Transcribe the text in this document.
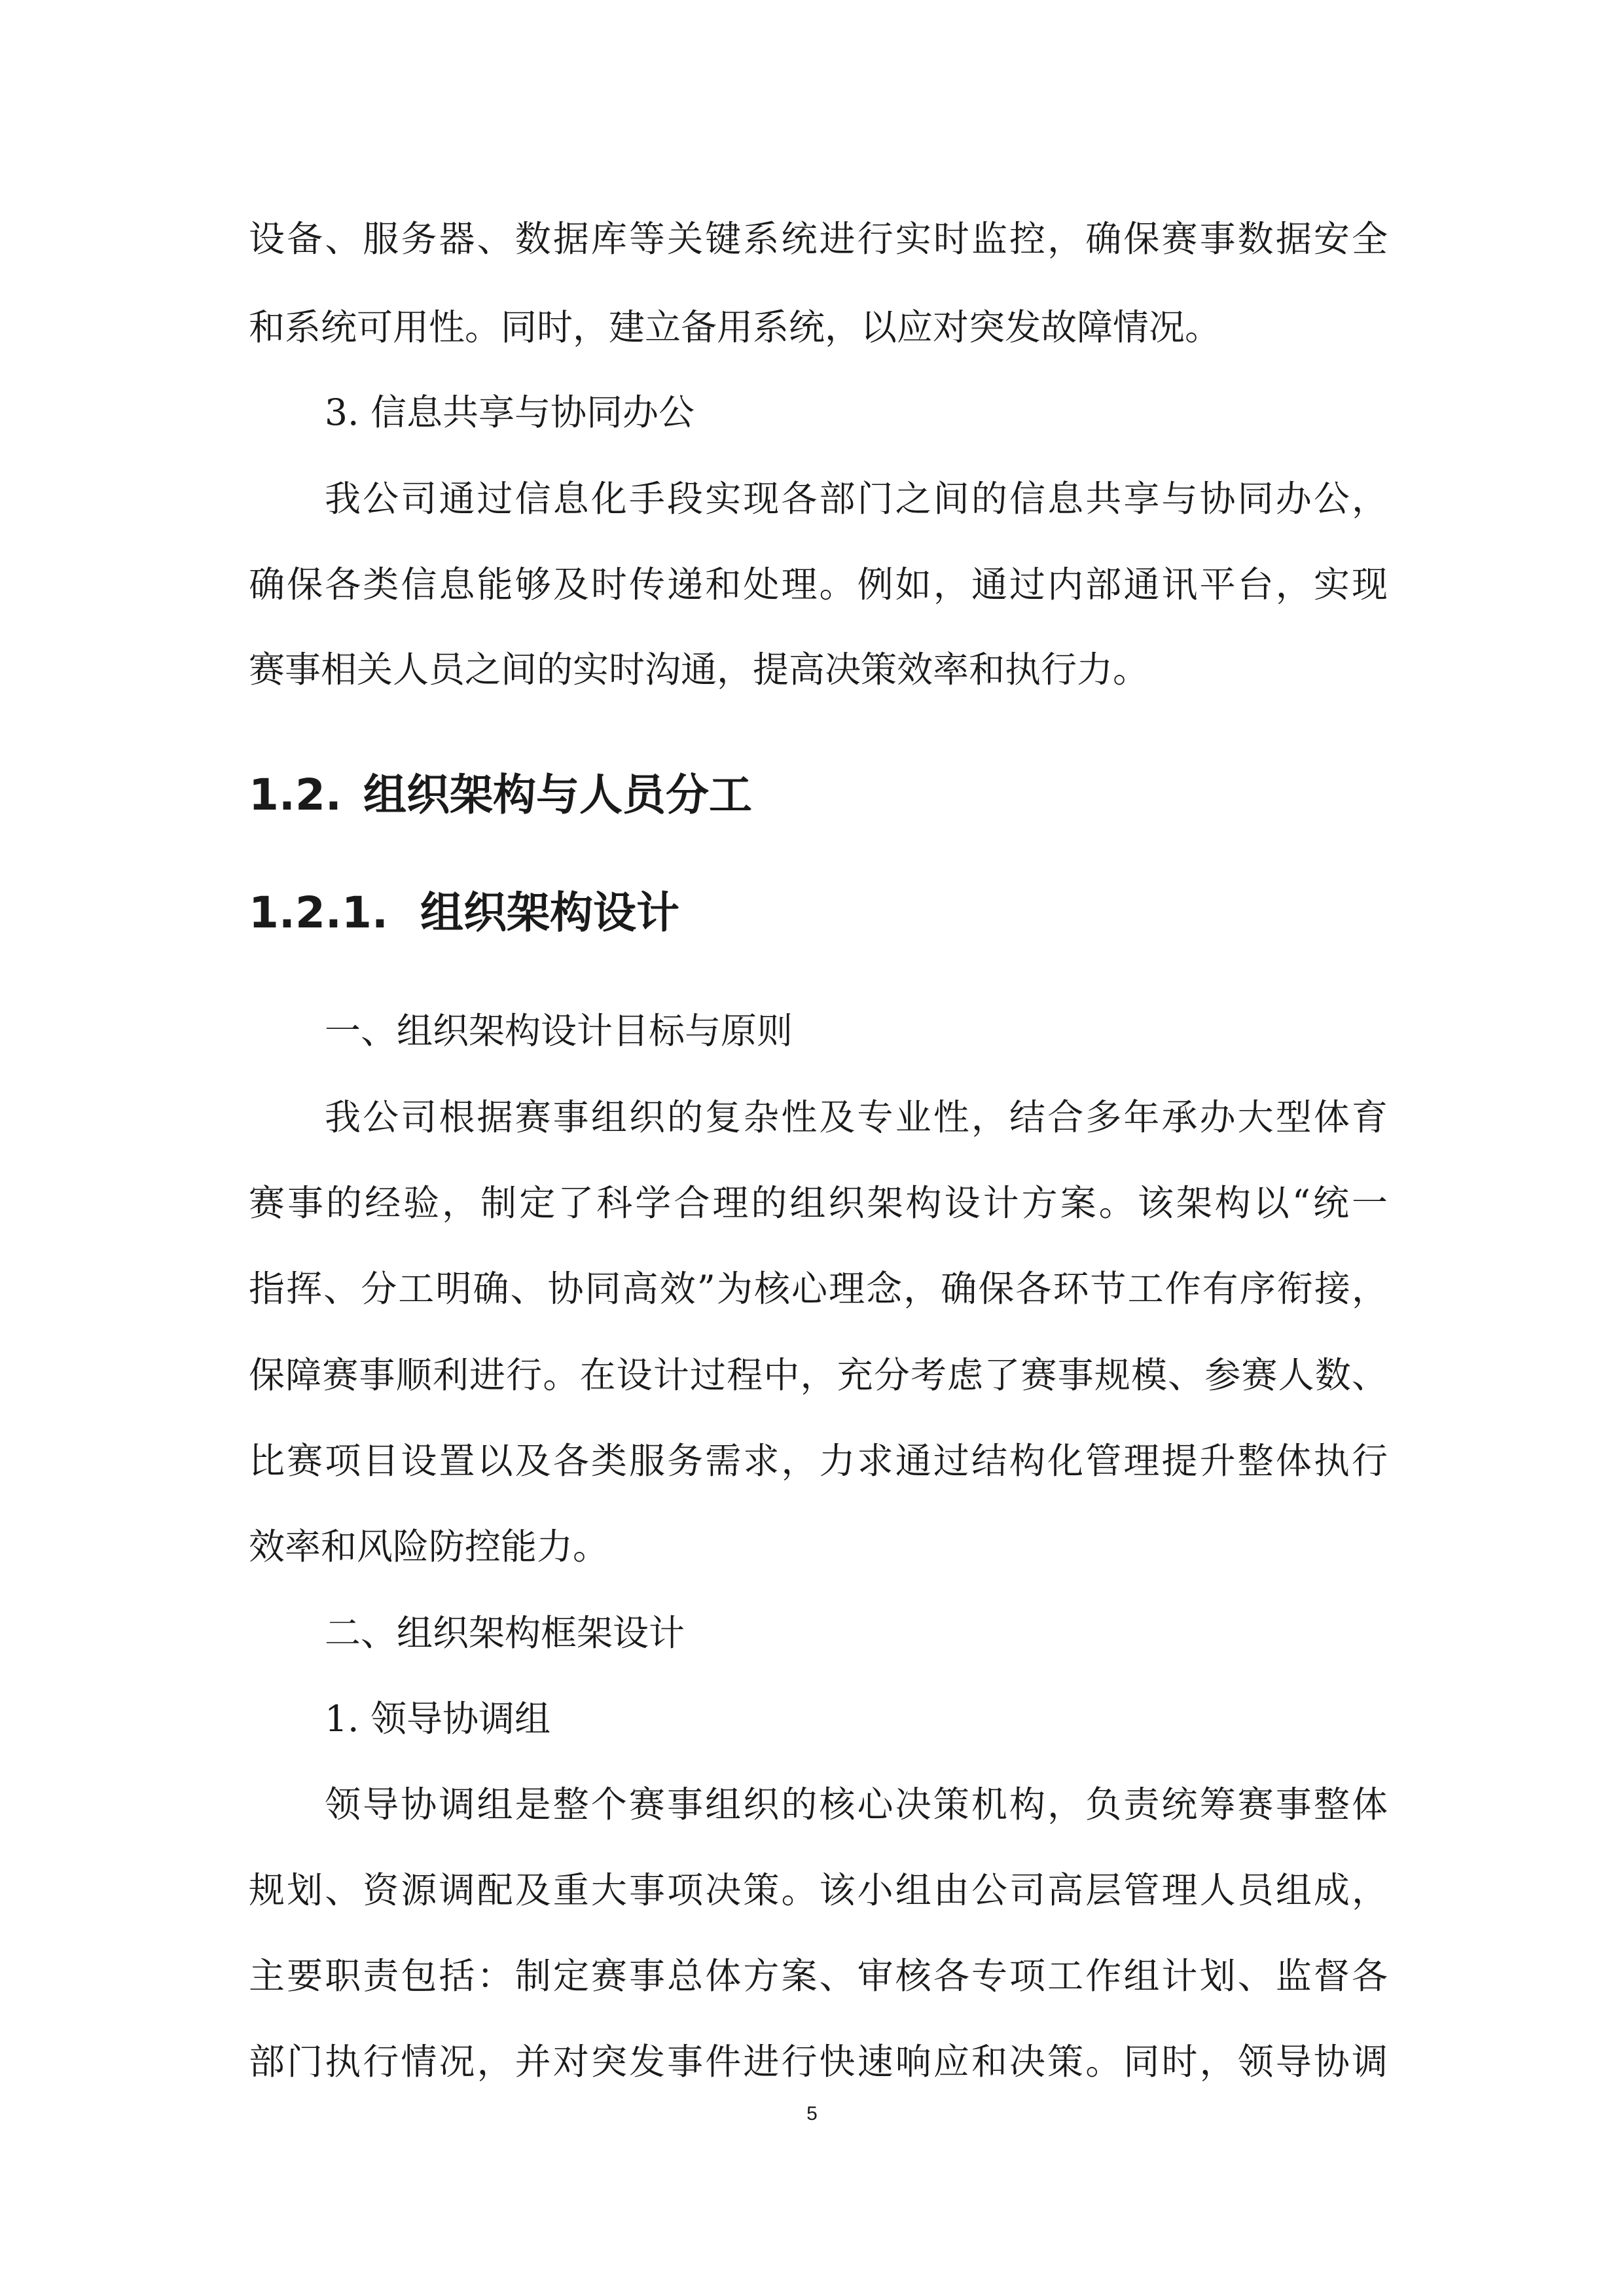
设备、服务器、数据库等关键系统进行实时监控，确保赛事数据安全
和系统可用性。同时，建立备用系统，以应对突发故障情况。
3. 信息共享与协同办公
我公司通过信息化手段实现各部门之间的信息共享与协同办公，
确保各类信息能够及时传递和处理。例如，通过内部通讯平台，实现
赛事相关人员之间的实时沟通，提高决策效率和执行力。
1.2. 组织架构与人员分工
1.2.1. 组织架构设计
一、组织架构设计目标与原则
我公司根据赛事组织的复杂性及专业性，结合多年承办大型体育
赛事的经验，制定了科学合理的组织架构设计方案。该架构以“统一
指挥、分工明确、协同高效”为核心理念，确保各环节工作有序衔接，
保障赛事顺利进行。在设计过程中，充分考虑了赛事规模、参赛人数、
比赛项目设置以及各类服务需求，力求通过结构化管理提升整体执行
效率和风险防控能力。
二、组织架构框架设计
1. 领导协调组
领导协调组是整个赛事组织的核心决策机构，负责统筹赛事整体
规划、资源调配及重大事项决策。该小组由公司高层管理人员组成，
主要职责包括：制定赛事总体方案、审核各专项工作组计划、监督各
部门执行情况，并对突发事件进行快速响应和决策。同时，领导协调
5
